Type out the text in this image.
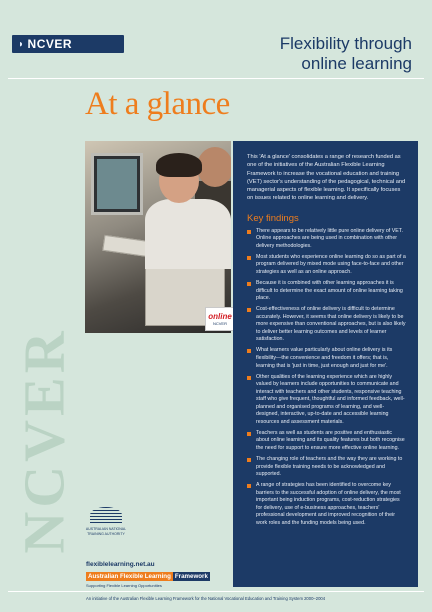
◗ NCVER	Flexibility through
online learning
At a glance
online
NCVER
NCVER

This 'At a glance' consolidates a range of research funded as one of the initiatives of the Australian Flexible Learning Framework to increase the vocational education and training (VET) sector's understanding of the pedagogical, technical and managerial aspects of flexible learning. It specifically focuses on issues related to online learning and delivery.

Key findings
There appears to be relatively little pure online delivery of VET. Online approaches are being used in combination with other delivery methodologies.
Most students who experience online learning do so as part of a program delivered by mixed mode using face-to-face and other strategies as well as an online approach.
Because it is combined with other learning approaches it is difficult to determine the exact amount of online learning taking place.
Cost-effectiveness of online delivery is difficult to determine accurately. However, it seems that online delivery is likely to be more expensive than conventional approaches, but is also likely to deliver better learning outcomes and levels of learner satisfaction.
What learners value particularly about online delivery is its flexibility—the convenience and freedom it offers; that is, learning that is 'just in time, just enough and just for me'.
Other qualities of the learning experience which are highly valued by learners include opportunities to communicate and interact with teachers and other students, responsive teaching staff who give frequent, thoughtful and informed feedback, well-planned and organised programs of learning, and well-designed, interactive, up-to-date and accessible learning resources and assessment materials.
Teachers as well as students are positive and enthusiastic about online learning and its quality features but both recognise the need for support to ensure more effective online learning.
The changing role of teachers and the way they are working to provide flexible training needs to be acknowledged and supported.
A range of strategies has been identified to overcome key barriers to the successful adoption of online delivery, the most important being induction programs, cost-reduction strategies for delivery, use of e-business approaches, teachers' professional development and improved recognition of their work roles and the funding models being used.
AUSTRALIAN NATIONAL TRAINING AUTHORITY
flexiblelearning.net.au
Australian Flexible Learning Framework
Supporting Flexible Learning Opportunities
An initiative of the Australian Flexible Learning Framework for the National Vocational Education and Training System 2000–2004
